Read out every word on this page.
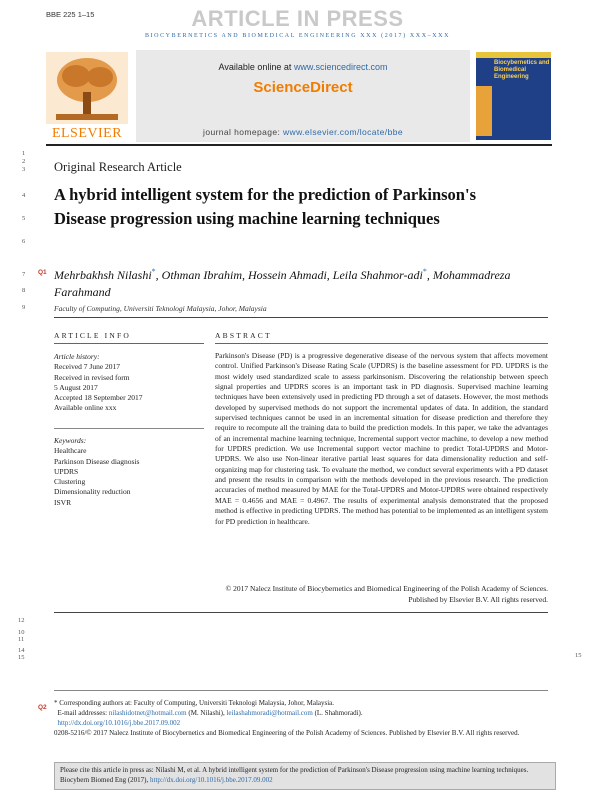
BBE 225 1–15	ARTICLE IN PRESS
BIOCYBERNETICS AND BIOMEDICAL ENGINEERING XXX (2017) XXX–XXX
ELSEVIER
Available online at www.sciencedirect.com
ScienceDirect
journal homepage: www.elsevier.com/locate/bbe
Biocybernetics and Biomedical Engineering
1
2
3
4
5
6
7
8
9
12
10
11
14
15	15
Original Research Article
A hybrid intelligent system for the prediction of Parkinson's Disease progression using machine learning techniques
Q1 Mehrbakhsh Nilashi*, Othman Ibrahim, Hossein Ahmadi, Leila Shahmor-adi*, Mohammadreza Farahmand
Faculty of Computing, Universiti Teknologi Malaysia, Johor, Malaysia
ARTICLE INFO
Article history:
Received 7 June 2017
Received in revised form
5 August 2017
Accepted 18 September 2017
Available online xxx
Keywords:
Healthcare
Parkinson Disease diagnosis
UPDRS
Clustering
Dimensionality reduction
ISVR
ABSTRACT
Parkinson's Disease (PD) is a progressive degenerative disease of the nervous system that affects movement control. Unified Parkinson's Disease Rating Scale (UPDRS) is the baseline assessment for PD. UPDRS is the most widely used standardized scale to assess parkinsonism. Discovering the relationship between speech signal properties and UPDRS scores is an important task in PD diagnosis. Supervised machine learning techniques have been extensively used in predicting PD through a set of datasets. However, the most methods developed by supervised methods do not support the incremental updates of data. In addition, the standard supervised techniques cannot be used in an incremental situation for disease prediction and therefore they require to recompute all the training data to build the prediction models. In this paper, we take the advantages of an incremental machine learning technique, Incremental support vector machine, to develop a new method for UPDRS prediction. We use Incremental support vector machine to predict Total-UPDRS and Motor-UPDRS. We also use Non-linear iterative partial least squares for data dimensionality reduction and self-organizing map for clustering task. To evaluate the method, we conduct several experiments with a PD dataset and present the results in comparison with the methods developed in the previous research. The prediction accuracies of method measured by MAE for the Total-UPDRS and Motor-UPDRS were obtained respectively MAE = 0.4656 and MAE = 0.4967. The results of experimental analysis demonstrated that the proposed method is effective in predicting UPDRS. The method has potential to be implemented as an intelligent system for PD prediction in healthcare.
© 2017 Nalecz Institute of Biocybernetics and Biomedical Engineering of the Polish Academy of Sciences. Published by Elsevier B.V. All rights reserved.
Q2
* Corresponding authors at: Faculty of Computing, Universiti Teknologi Malaysia, Johor, Malaysia.
E-mail addresses: nilashidotnet@hotmail.com (M. Nilashi), leilashahmoradi@hotmail.com (L. Shahmoradi).
http://dx.doi.org/10.1016/j.bbe.2017.09.002
0208-5216/© 2017 Nalecz Institute of Biocybernetics and Biomedical Engineering of the Polish Academy of Sciences. Published by Elsevier B.V. All rights reserved.
Please cite this article in press as: Nilashi M, et al. A hybrid intelligent system for the prediction of Parkinson's Disease progression using machine learning techniques. Biocybern Biomed Eng (2017), http://dx.doi.org/10.1016/j.bbe.2017.09.002
